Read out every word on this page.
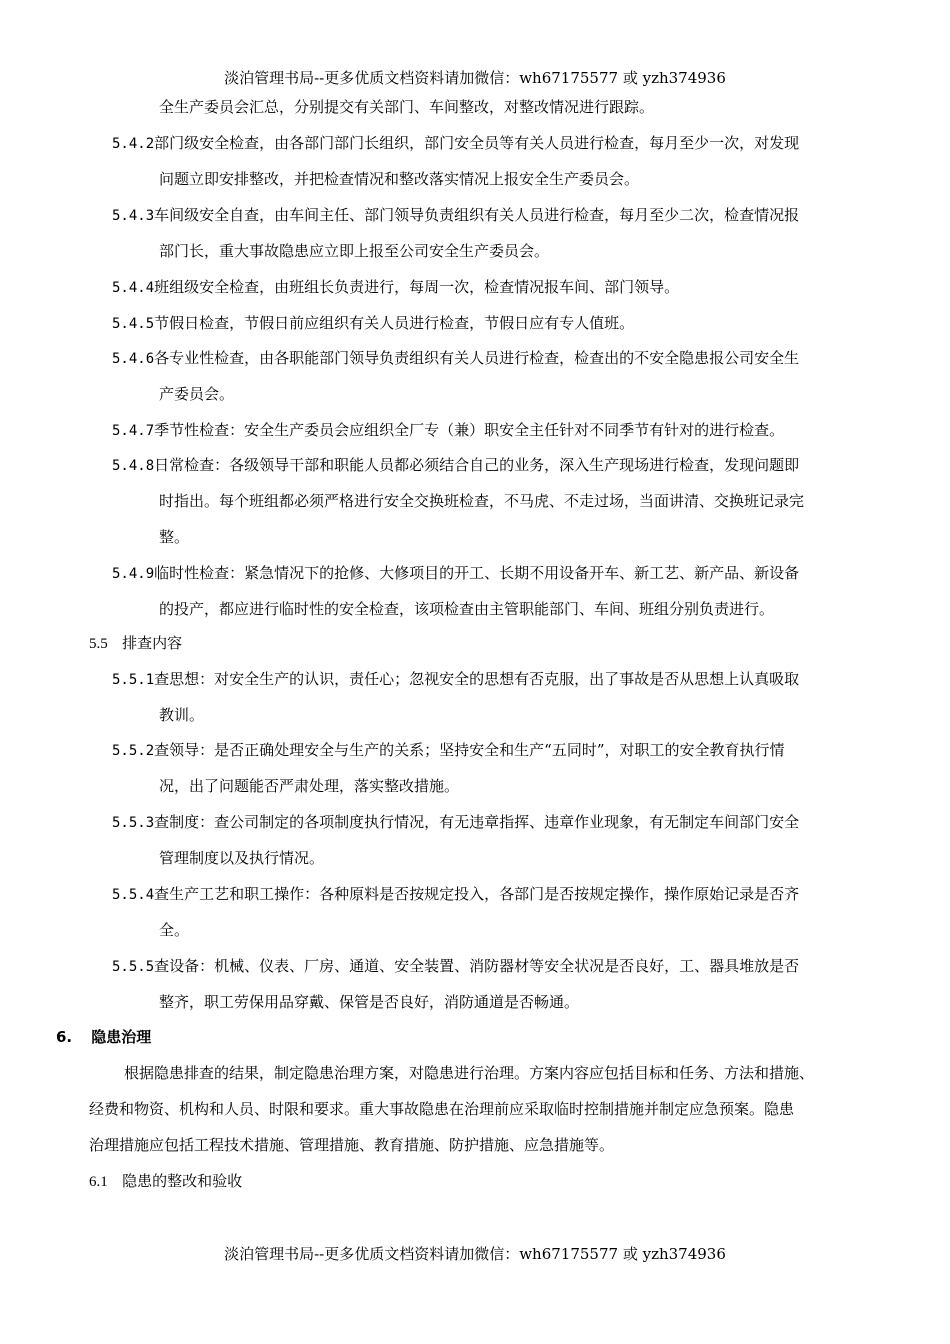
淡泊管理书局--更多优质文档资料请加微信：wh67175577 或 yzh374936
全生产委员会汇总，分别提交有关部门、车间整改，对整改情况进行跟踪。
5.4.2部门级安全检查，由各部门部门长组织，部门安全员等有关人员进行检查，每月至少一次，对发现
问题立即安排整改，并把检查情况和整改落实情况上报安全生产委员会。
5.4.3车间级安全自查，由车间主任、部门领导负责组织有关人员进行检查，每月至少二次，检查情况报
部门长，重大事故隐患应立即上报至公司安全生产委员会。
5.4.4班组级安全检查，由班组长负责进行，每周一次，检查情况报车间、部门领导。
5.4.5节假日检查，节假日前应组织有关人员进行检查，节假日应有专人值班。
5.4.6各专业性检查，由各职能部门领导负责组织有关人员进行检查，检查出的不安全隐患报公司安全生
产委员会。
5.4.7季节性检查：安全生产委员会应组织全厂专（兼）职安全主任针对不同季节有针对的进行检查。
5.4.8日常检查：各级领导干部和职能人员都必须结合自己的业务，深入生产现场进行检查，发现问题即
时指出。每个班组都必须严格进行安全交换班检查，不马虎、不走过场，当面讲清、交换班记录完
整。
5.4.9临时性检查：紧急情况下的抢修、大修项目的开工、长期不用设备开车、新工艺、新产品、新设备
的投产，都应进行临时性的安全检查，该项检查由主管职能部门、车间、班组分别负责进行。
5.5 排查内容
5.5.1查思想：对安全生产的认识，责任心；忽视安全的思想有否克服，出了事故是否从思想上认真吸取
教训。
5.5.2查领导：是否正确处理安全与生产的关系；坚持安全和生产“五同时”，对职工的安全教育执行情
况，出了问题能否严肃处理，落实整改措施。
5.5.3查制度：查公司制定的各项制度执行情况，有无违章指挥、违章作业现象，有无制定车间部门安全
管理制度以及执行情况。
5.5.4查生产工艺和职工操作：各种原料是否按规定投入，各部门是否按规定操作，操作原始记录是否齐
全。
5.5.5查设备：机械、仪表、厂房、通道、安全装置、消防器材等安全状况是否良好，工、器具堆放是否
整齐，职工劳保用品穿戴、保管是否良好，消防通道是否畅通。
6. 隐患治理
根据隐患排查的结果，制定隐患治理方案，对隐患进行治理。方案内容应包括目标和任务、方法和措施、
经费和物资、机构和人员、时限和要求。重大事故隐患在治理前应采取临时控制措施并制定应急预案。隐患
治理措施应包括工程技术措施、管理措施、教育措施、防护措施、应急措施等。
6.1 隐患的整改和验收
淡泊管理书局--更多优质文档资料请加微信：wh67175577 或 yzh374936
